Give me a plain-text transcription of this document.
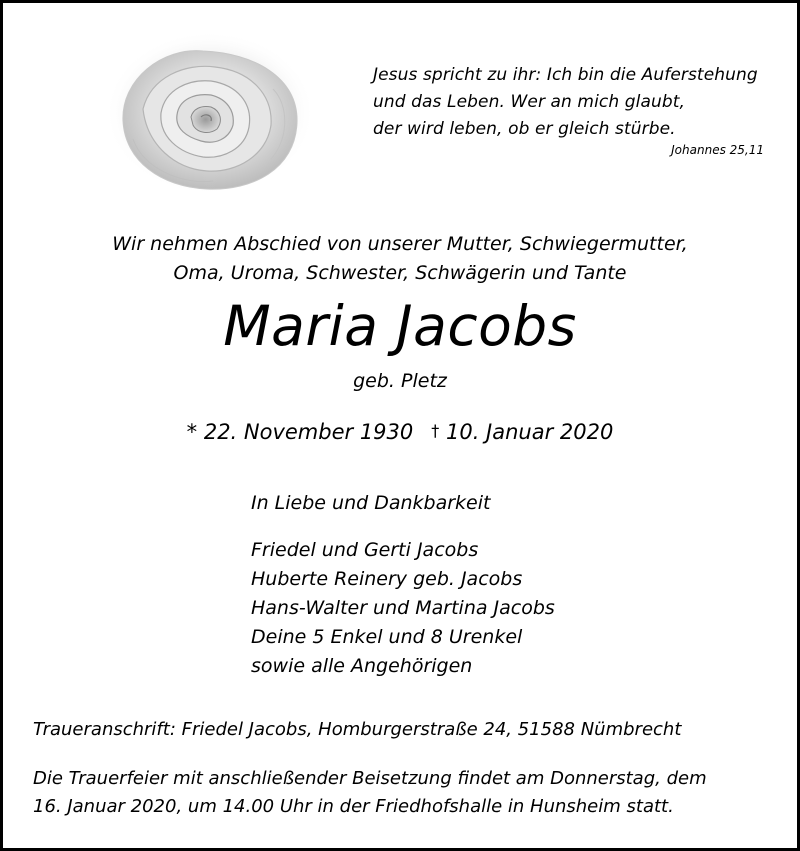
Jesus spricht zu ihr: Ich bin die Auferstehung
und das Leben. Wer an mich glaubt,
der wird leben, ob er gleich stürbe.
Johannes 25,11
Wir nehmen Abschied von unserer Mutter, Schwiegermutter,
Oma, Uroma, Schwester, Schwägerin und Tante
Maria Jacobs
geb. Pletz
* 22. November 1930 † 10. Januar 2020
In Liebe und Dankbarkeit
Friedel und Gerti Jacobs
Huberte Reinery geb. Jacobs
Hans-Walter und Martina Jacobs
Deine 5 Enkel und 8 Urenkel
sowie alle Angehörigen
Traueranschrift: Friedel Jacobs, Homburgerstraße 24, 51588 Nümbrecht
Die Trauerfeier mit anschließender Beisetzung findet am Donnerstag, dem
16. Januar 2020, um 14.00 Uhr in der Friedhofshalle in Hunsheim statt.
